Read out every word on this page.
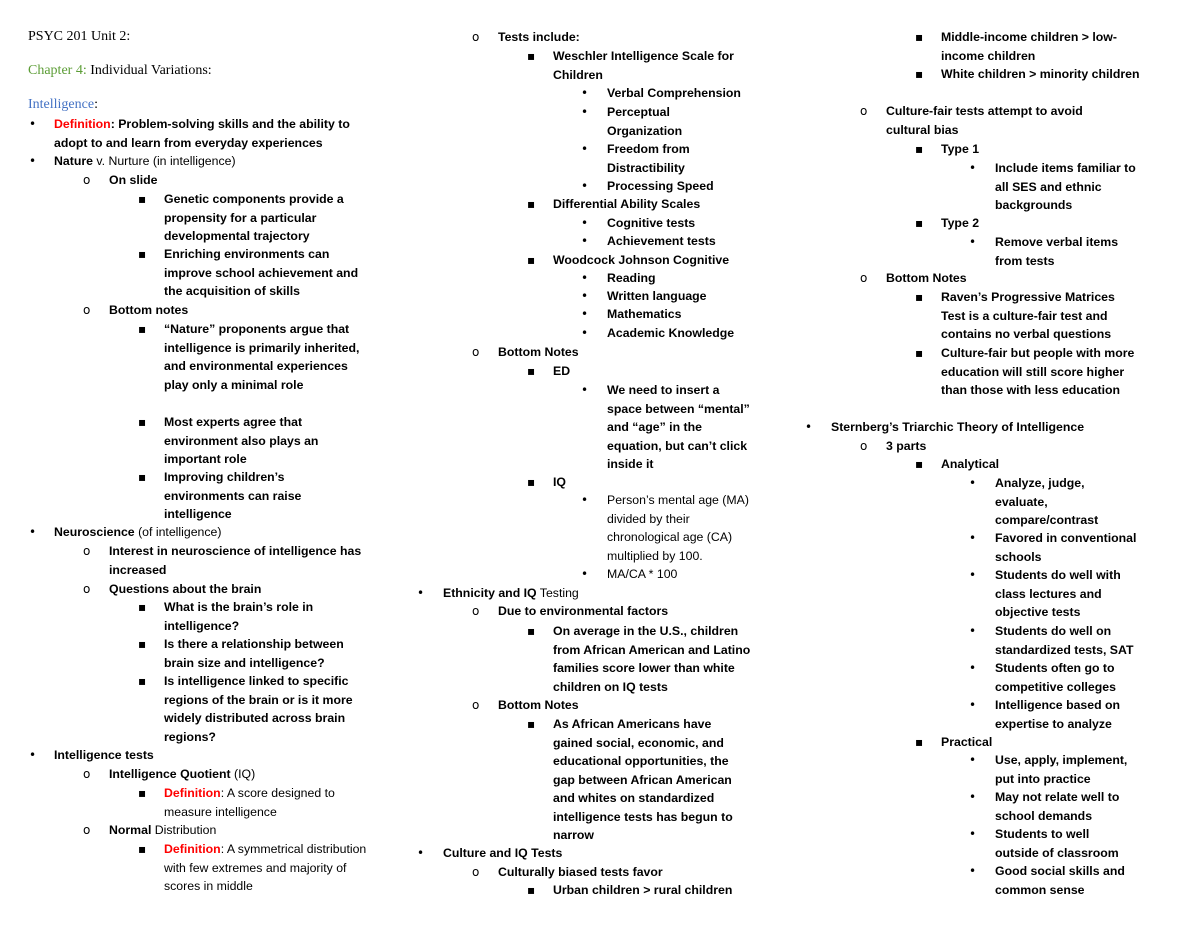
PSYC 201 Unit 2:
Chapter 4: Individual Variations:
Intelligence:
• Definition: Problem-solving skills and the ability to adopt to and learn from everyday experiences
• Nature v. Nurture (in intelligence)
o On slide
▪ Genetic components provide a propensity for a particular developmental trajectory
▪ Enriching environments can improve school achievement and the acquisition of skills
o Bottom notes
▪ “Nature” proponents argue that intelligence is primarily inherited, and environmental experiences play only a minimal role
▪ Most experts agree that environment also plays an important role
▪ Improving children’s environments can raise intelligence
• Neuroscience (of intelligence)
o Interest in neuroscience of intelligence has increased
o Questions about the brain
▪ What is the brain’s role in intelligence?
▪ Is there a relationship between brain size and intelligence?
▪ Is intelligence linked to specific regions of the brain or is it more widely distributed across brain regions?
• Intelligence tests
o Intelligence Quotient (IQ)
▪ Definition: A score designed to measure intelligence
o Normal Distribution
▪ Definition: A symmetrical distribution with few extremes and majority of scores in middle
o Tests include:
▪ Weschler Intelligence Scale for Children
• Verbal Comprehension
• Perceptual Organization
• Freedom from Distractibility
• Processing Speed
▪ Differential Ability Scales
• Cognitive tests
• Achievement tests
▪ Woodcock Johnson Cognitive
• Reading
• Written language
• Mathematics
• Academic Knowledge
o Bottom Notes
▪ ED
• We need to insert a space between “mental” and “age” in the equation, but can’t click inside it
▪ IQ
• Person’s mental age (MA) divided by their chronological age (CA) multiplied by 100.
• MA/CA * 100
• Ethnicity and IQ Testing
o Due to environmental factors
▪ On average in the U.S., children from African American and Latino families score lower than white children on IQ tests
o Bottom Notes
▪ As African Americans have gained social, economic, and educational opportunities, the gap between African American and whites on standardized intelligence tests has begun to narrow
• Culture and IQ Tests
o Culturally biased tests favor
▪ Urban children > rural children
▪ Middle-income children > low-income children
▪ White children > minority children
o Culture-fair tests attempt to avoid cultural bias
▪ Type 1
• Include items familiar to all SES and ethnic backgrounds
▪ Type 2
• Remove verbal items from tests
o Bottom Notes
▪ Raven’s Progressive Matrices Test is a culture-fair test and contains no verbal questions
▪ Culture-fair but people with more education will still score higher than those with less education
• Sternberg’s Triarchic Theory of Intelligence
o 3 parts
▪ Analytical
• Analyze, judge, evaluate, compare/contrast
• Favored in conventional schools
• Students do well with class lectures and objective tests
• Students do well on standardized tests, SAT
• Students often go to competitive colleges
• Intelligence based on expertise to analyze
▪ Practical
• Use, apply, implement, put into practice
• May not relate well to school demands
• Students to well outside of classroom
• Good social skills and common sense
